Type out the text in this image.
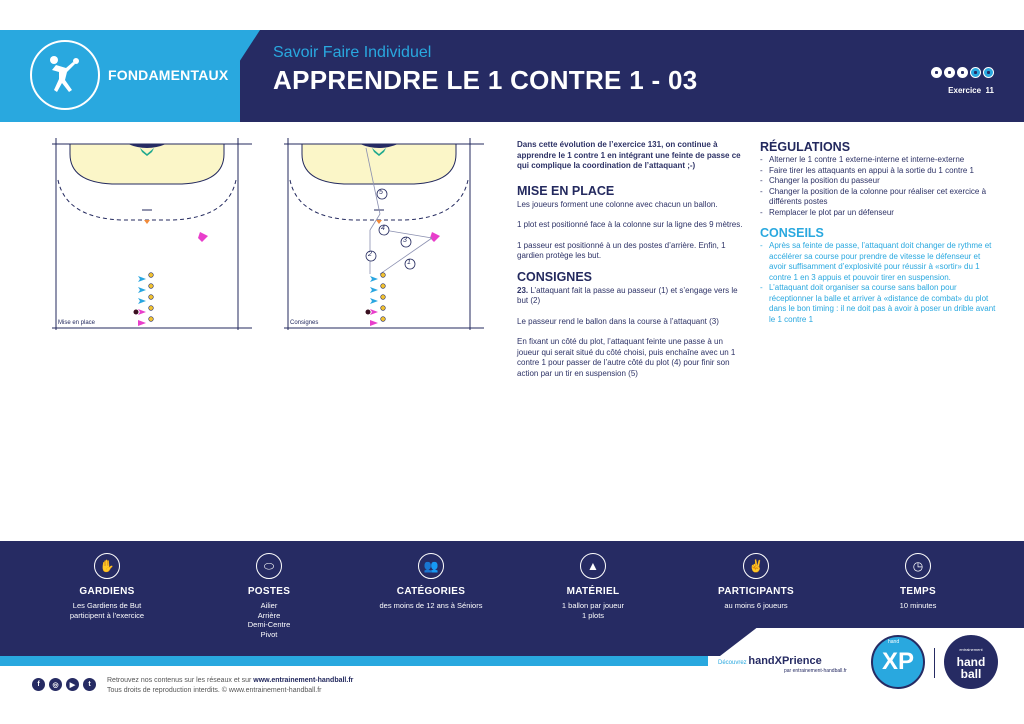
FONDAMENTAUX
Savoir Faire Individuel
APPRENDRE LE 1 CONTRE 1 - 03	Exercice 11
Mise en place
1
2
3
4
5
Consignes
Dans cette évolution de l’exercice 131, on continue à apprendre le 1 contre 1 en intégrant une feinte de passe ce qui complique la coordination de l’attaquant ;-)
MISE EN PLACE
Les joueurs forment une colonne avec chacun un ballon.
1 plot est positionné face à la colonne sur la ligne des 9 mètres.
1 passeur est positionné à un des postes d’arrière. Enfin, 1 gardien protège les but.
CONSIGNES
23. L’attaquant fait la passe au passeur (1) et s’engage vers le but (2)
Le passeur rend le ballon dans la course à l’attaquant (3)
En fixant un côté du plot, l’attaquant feinte une passe à un joueur qui serait situé du côté choisi, puis enchaîne avec un 1 contre 1 pour passer de l’autre côté du plot (4) pour finir son action par un tir en suspension (5)
RÉGULATIONS
- Alterner le 1 contre 1 externe-interne et interne-externe
- Faire tirer les attaquants en appui à la sortie du 1 contre 1
- Changer la position du passeur
- Changer la position de la colonne pour réaliser cet exercice à différents postes
- Remplacer le plot par un défenseur
CONSEILS
- Après sa feinte de passe, l’attaquant doit changer de rythme et accélérer sa course pour prendre de vitesse le défenseur et avoir suffisamment d’explosivité pour réussir à «sortir» du 1 contre 1 en 3 appuis et pouvoir tirer en suspension.
- L’attaquant doit organiser sa course sans ballon pour réceptionner la balle et arriver à «distance de combat» du plot dans le bon timing : il ne doit pas à avoir à poser un drible avant le 1 contre 1
✋
GARDIENS
Les Gardiens de But
participent à l’exercice
⬭
POSTES
Ailier
Arrière
Demi-Centre
Pivot
👥
CATÉGORIES
des moins de 12 ans à Séniors
▲
MATÉRIEL
1 ballon par joueur
1 plots
✌
PARTICIPANTS
au moins 6 joueurs
◷
TEMPS
10 minutes
f	◎	▶	t
Retrouvez nos contenus sur les réseaux et sur www.entrainement-handball.fr
Tous droits de reproduction interdits. © www.entrainement-handball.fr
Découvrez handXPrience
par entrainement-handball.fr XP
hand
entrainement
hand
ball
